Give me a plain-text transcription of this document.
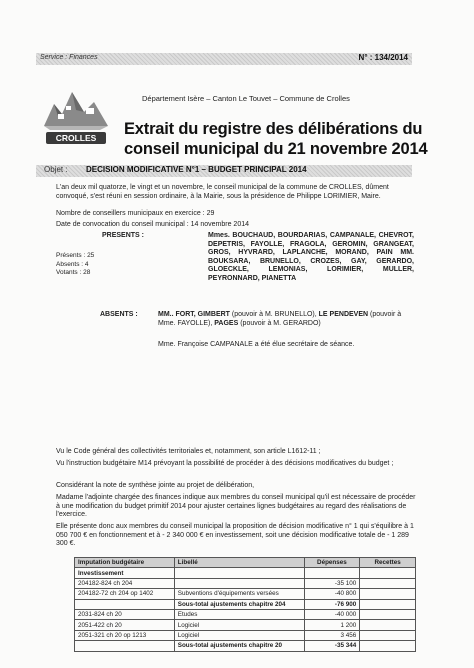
Service : Finances	N° : 134/2014
CROLLES
Département Isère – Canton Le Touvet – Commune de Crolles
Extrait du registre des délibérations du
conseil municipal du 21 novembre 2014
Objet : DECISION MODIFICATIVE N°1 – BUDGET PRINCIPAL 2014
L'an deux mil quatorze, le vingt et un novembre, le conseil municipal de la commune de CROLLES, dûment convoqué, s'est réuni en session ordinaire, à la Mairie, sous la présidence de Philippe LORIMIER, Maire.
Nombre de conseillers municipaux en exercice : 29
Date de convocation du conseil municipal : 14 novembre 2014
PRESENTS :	Mmes. BOUCHAUD, BOURDARIAS, CAMPANALE, CHEVROT, DEPETRIS, FAYOLLE, FRAGOLA, GEROMIN, GRANGEAT, GROS, HYVRARD, LAPLANCHE, MORAND, PAIN MM. BOUKSARA, BRUNELLO, CROZES, GAY, GERARDO, GLOECKLE, LEMONIAS, LORIMIER, MULLER, PEYRONNARD, PIANETTA
Présents : 25
Absents : 4
Votants : 28
ABSENTS :	MM.. FORT, GIMBERT (pouvoir à M. BRUNELLO), LE PENDEVEN (pouvoir à Mme. FAYOLLE), PAGES (pouvoir à M. GERARDO)
Mme. Françoise CAMPANALE a été élue secrétaire de séance.
Vu le Code général des collectivités territoriales et, notamment, son article L1612-11 ;
Vu l'instruction budgétaire M14 prévoyant la possibilité de procéder à des décisions modificatives du budget ;
Considérant la note de synthèse jointe au projet de délibération,
Madame l'adjointe chargée des finances indique aux membres du conseil municipal qu'il est nécessaire de procéder à une modification du budget primitif 2014 pour ajuster certaines lignes budgétaires au regard des réalisations de l'exercice.
Elle présente donc aux membres du conseil municipal la proposition de décision modificative n° 1 qui s'équilibre à 1 050 700 € en fonctionnement et à - 2 340 000 € en investissement, soit une décision modificative totale de - 1 289 300 €.
Imputation budgétaire	Libellé	Dépenses	Recettes
Investissement			
204182-824 ch 204		-35 100	
204182-72 ch 204 op 1402	Subventions d'équipements versées	-40 800	
	Sous-total ajustements chapitre 204	-76 900	
2031-824 ch 20	Etudes	-40 000	
2051-422 ch 20	Logiciel	1 200	
2051-321 ch 20 op 1213	Logiciel	3 456	
	Sous-total ajustements chapitre 20	-35 344	
